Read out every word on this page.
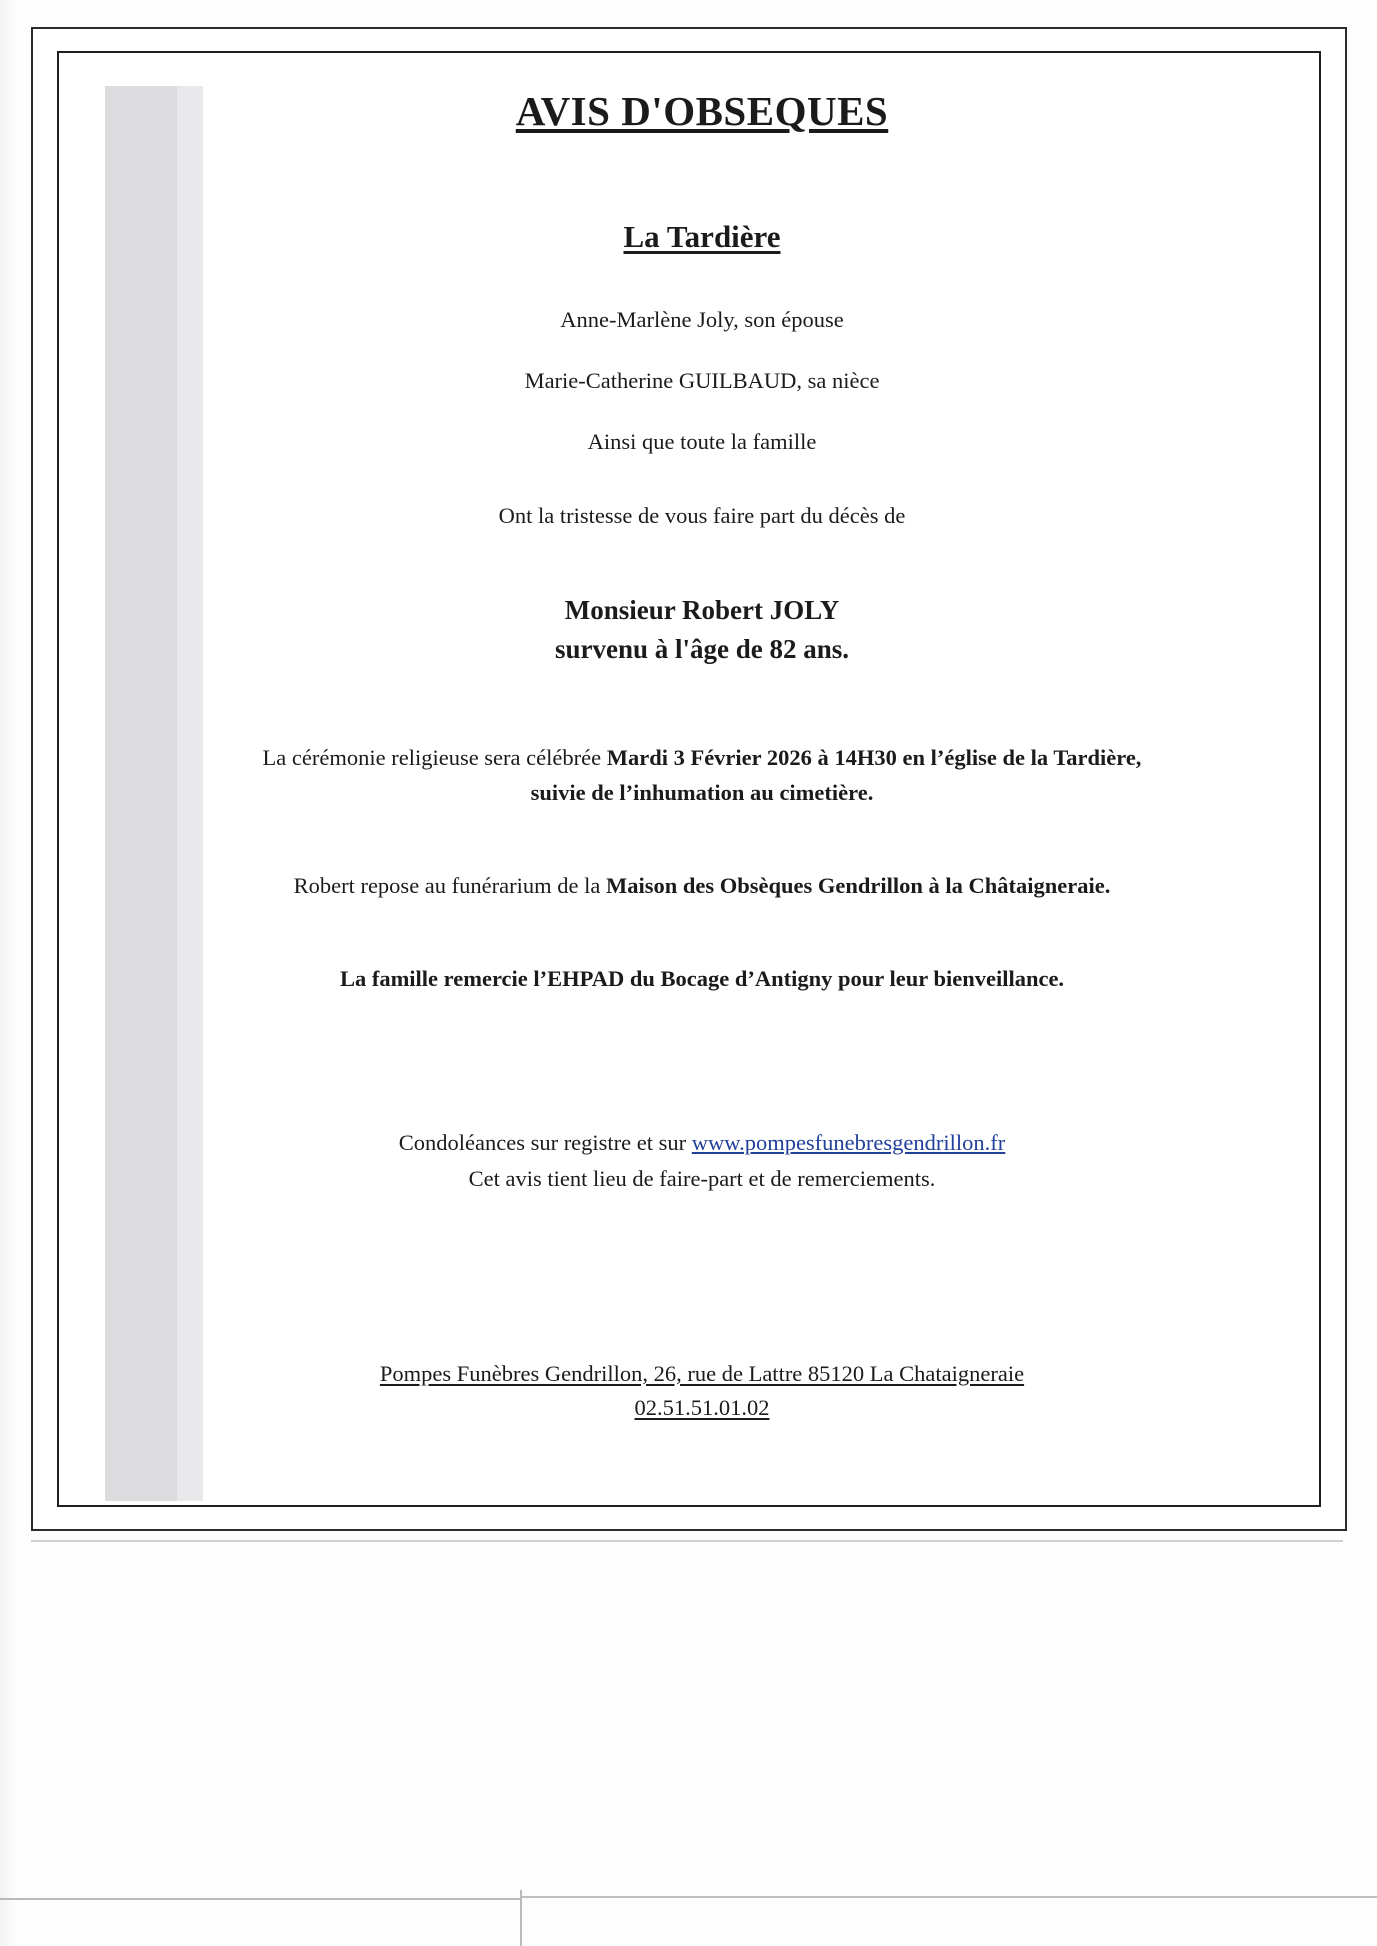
AVIS D'OBSEQUES
La Tardière
Anne-Marlène Joly, son épouse
Marie-Catherine GUILBAUD, sa nièce
Ainsi que toute la famille
Ont la tristesse de vous faire part du décès de
Monsieur Robert JOLY
survenu à l'âge de 82 ans.
La cérémonie religieuse sera célébrée Mardi 3 Février 2026 à 14H30 en l’église de la Tardière, suivie de l’inhumation au cimetière.
Robert repose au funérarium de la Maison des Obsèques Gendrillon à la Châtaigneraie.
La famille remercie l’EHPAD du Bocage d’Antigny pour leur bienveillance.
Condoléances sur registre et sur www.pompesfunebresgendrillon.fr
Cet avis tient lieu de faire-part et de remerciements.
Pompes Funèbres Gendrillon, 26, rue de Lattre 85120 La Chataigneraie
02.51.51.01.02
